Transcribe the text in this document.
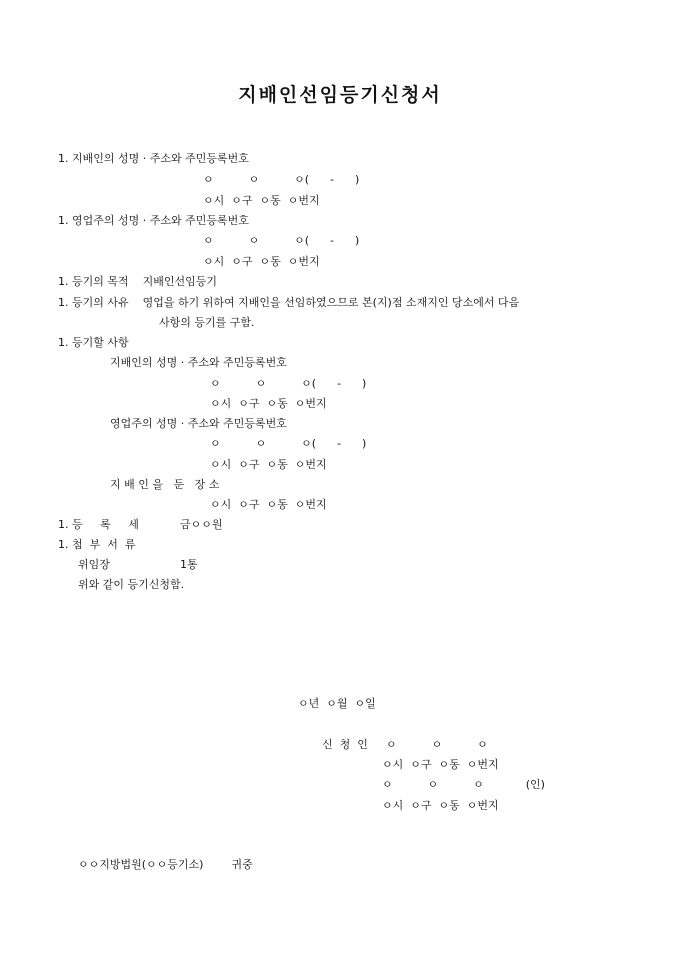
지배인선임등기신청서
1. 지배인의 성명 · 주소와 주민등록번호
ㅇ          ㅇ          ㅇ(      -      )
ㅇ시  ㅇ구  ㅇ동  ㅇ번지
1. 영업주의 성명 · 주소와 주민등록번호
ㅇ          ㅇ          ㅇ(      -      )
ㅇ시  ㅇ구  ㅇ동  ㅇ번지
1. 등기의 목적    지배인선임등기
1. 등기의 사유    영업을 하기 위하여 지배인을 선임하였으므로 본(지)점 소재지인 당소에서 다음
사항의 등기를 구함.
1. 등기할 사항
지배인의 성명 · 주소와 주민등록번호
ㅇ          ㅇ          ㅇ(      -      )
ㅇ시  ㅇ구  ㅇ동  ㅇ번지
영업주의 성명 · 주소와 주민등록번호
ㅇ          ㅇ          ㅇ(      -      )
ㅇ시  ㅇ구  ㅇ동  ㅇ번지
지 배 인 을   둔   장 소
ㅇ시  ㅇ구  ㅇ동  ㅇ번지
1. 등     록     세	금ㅇㅇ원
1. 첨  부  서  류
위임장	1통
위와 같이 등기신청함.
ㅇ년  ㅇ월  ㅇ일
신  청  인 ㅇ          ㅇ          ㅇ
ㅇ시  ㅇ구  ㅇ동  ㅇ번지
ㅇ          ㅇ          ㅇ            (인)
ㅇ시  ㅇ구  ㅇ동  ㅇ번지
ㅇㅇ지방법원(ㅇㅇ등기소)        귀중
